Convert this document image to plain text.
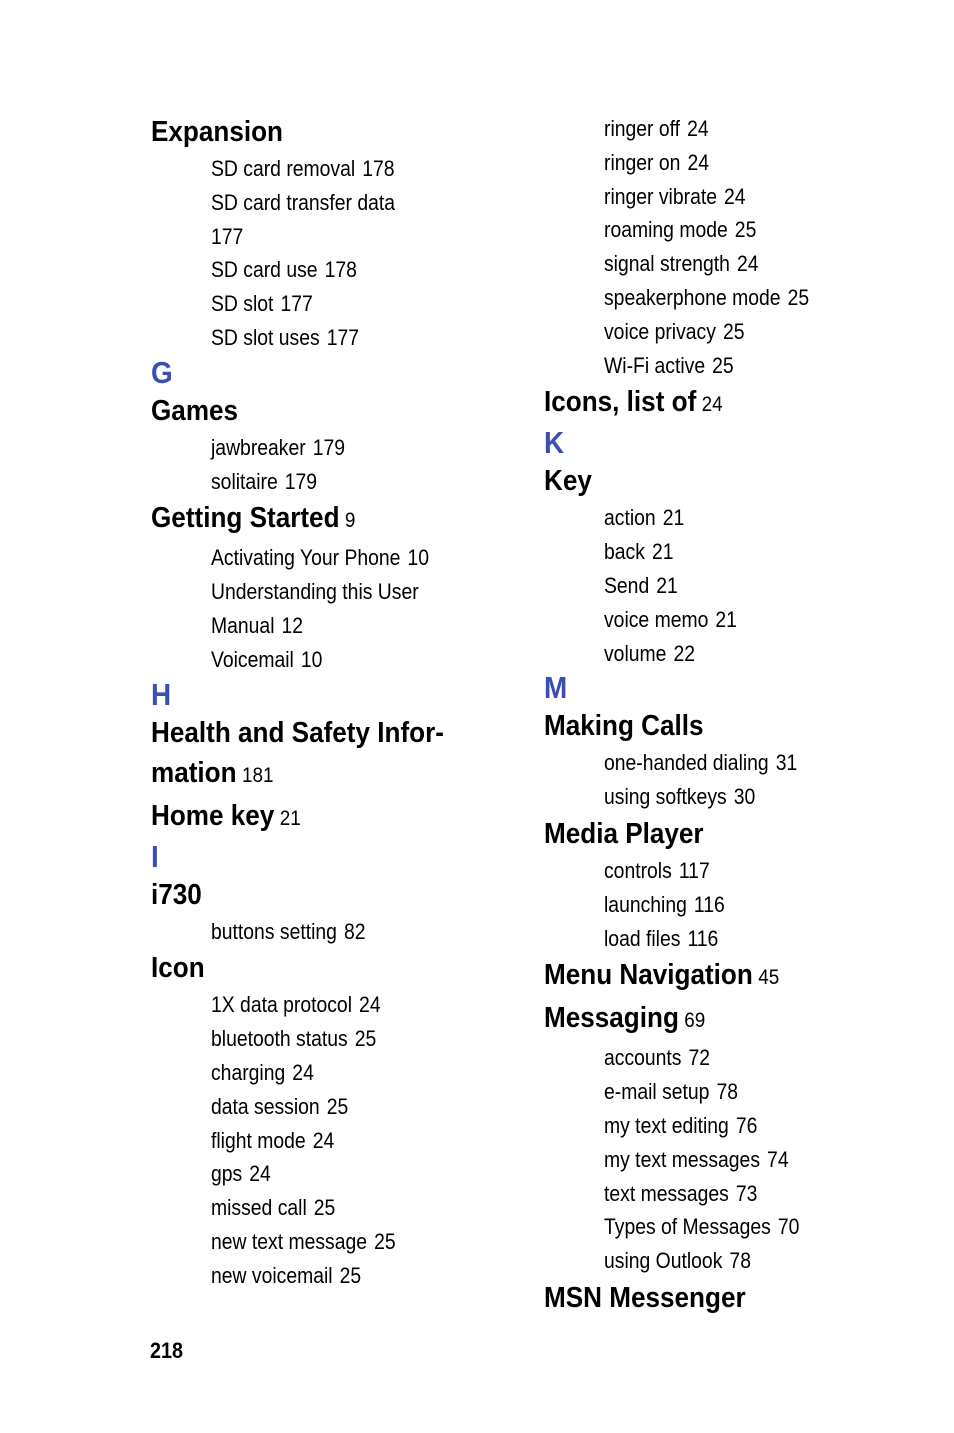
Expansion
SD card removal 178
SD card transfer data
177
SD card use 178
SD slot 177
SD slot uses 177
G
Games
jawbreaker 179
solitaire 179
Getting Started 9
Activating Your Phone 10
Understanding this User
Manual 12
Voicemail 10
H
Health and Safety Infor-
mation 181
Home key 21
I
i730
buttons setting 82
Icon
1X data protocol 24
bluetooth status 25
charging 24
data session 25
flight mode 24
gps 24
missed call 25
new text message 25
new voicemail 25
ringer off 24
ringer on 24
ringer vibrate 24
roaming mode 25
signal strength 24
speakerphone mode 25
voice privacy 25
Wi-Fi active 25
Icons, list of 24
K
Key
action 21
back 21
Send 21
voice memo 21
volume 22
M
Making Calls
one-handed dialing 31
using softkeys 30
Media Player
controls 117
launching 116
load files 116
Menu Navigation 45
Messaging 69
accounts 72
e-mail setup 78
my text editing 76
my text messages 74
text messages 73
Types of Messages 70
using Outlook 78
MSN Messenger
218
